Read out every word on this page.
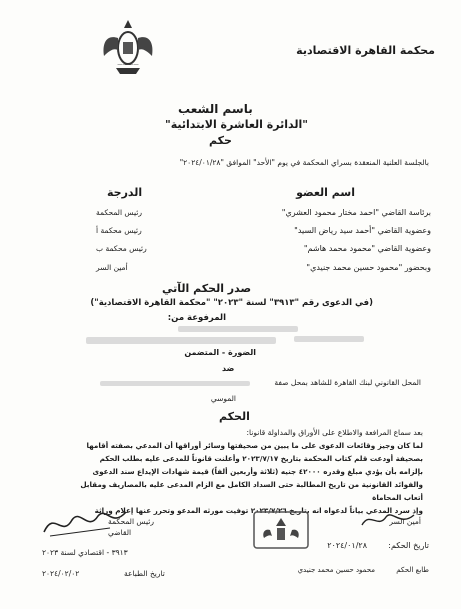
—— ——
محكمة القاهرة الاقتصادية
باسم الشعب
"الدائرة العاشرة الابتدائية"
حكم
بالجلسة العلنية المنعقدة بسراي المحكمة في يوم "الأحد" الموافق "٢٠٢٤/٠١/٢٨"
اسم العضو
الدرجة
برئاسة القاضي "احمد مختار محمود العشري"
رئيس المحكمة
وعضوية القاضي "أحمد سيد رياض السيد"
رئيس محكمة أ
وعضوية القاضي "محمود محمد هاشم"
رئيس محكمة ب
وبحضور "محمود حسين محمد جنيدي"
أمين السر
صدر الحكم الآتي
(في الدعوى رقم "٣٩١٣" لسنة "٢٠٢٣" "محكمة القاهرة الاقتصادية")
المرفوعة من:
الضورة - المتضمن
ضد
المحل القانوني لبنك القاهرة للشاهد بمحل صفة
الموسي
الحكم
بعد سماع المرافعة والاطلاع على الأوراق والمداولة قانونا:
لما كان وجيز وقائعات الدعوى على ما يبين من صحيفتها وسائر أوراقها أن المدعي بصفته أقامها
بصحيفة أودعت قلم كتاب المحكمة بتاريخ ٢٠٢٣/٧/١٧ وأعلنت قانوناً للمدعى عليه بطلب الحكم
بإلزامه بأن يؤدي مبلغ وقدره ٤٢٠٠٠ جنيه (ثلاثة وأربعين ألفاً) قيمة شهادات الإيداع سند الدعوى
والفوائد القانونية من تاريخ المطالبة حتى السداد الكامل مع الزام المدعى عليه بالمصاريف ومقابل
أتعاب المحاماة
وإذ سرد المدعي بياناً لدعواه انه بتاريخ ٢٠٢٣/٧/٢٦ توفيت مورثه المدعو وتحرر عنها إعلام وراثة
رئيس المحكمة
القاضي
أمين السر
٣٩١٣ - اقتصادي لسنة ٢٠٢٣
تاريخ الطباعة
٢٠٢٤/٠٢/٠٢
تاريخ الحكم:
٢٠٢٤/٠١/٢٨
طابع الحكم
محمود حسين محمد جنيدي
